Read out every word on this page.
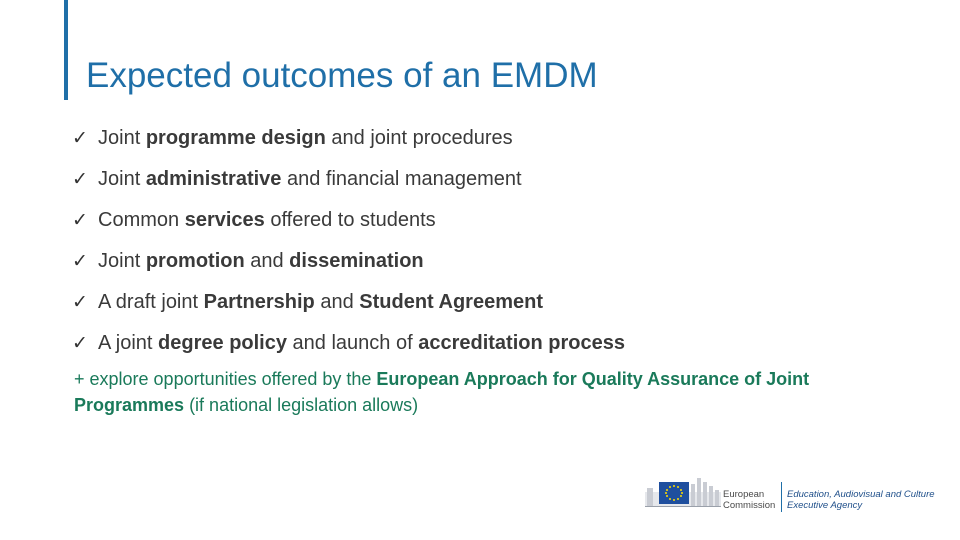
Expected outcomes of an EMDM
✓ Joint programme design and joint procedures
✓ Joint administrative and financial management
✓ Common services offered to students
✓ Joint promotion and dissemination
✓ A draft joint Partnership and Student Agreement
✓ A joint degree policy and launch of accreditation process
+ explore opportunities offered by the European Approach for Quality Assurance of Joint Programmes (if national legislation allows)
European
Commission
Education, Audiovisual and Culture
Executive Agency
